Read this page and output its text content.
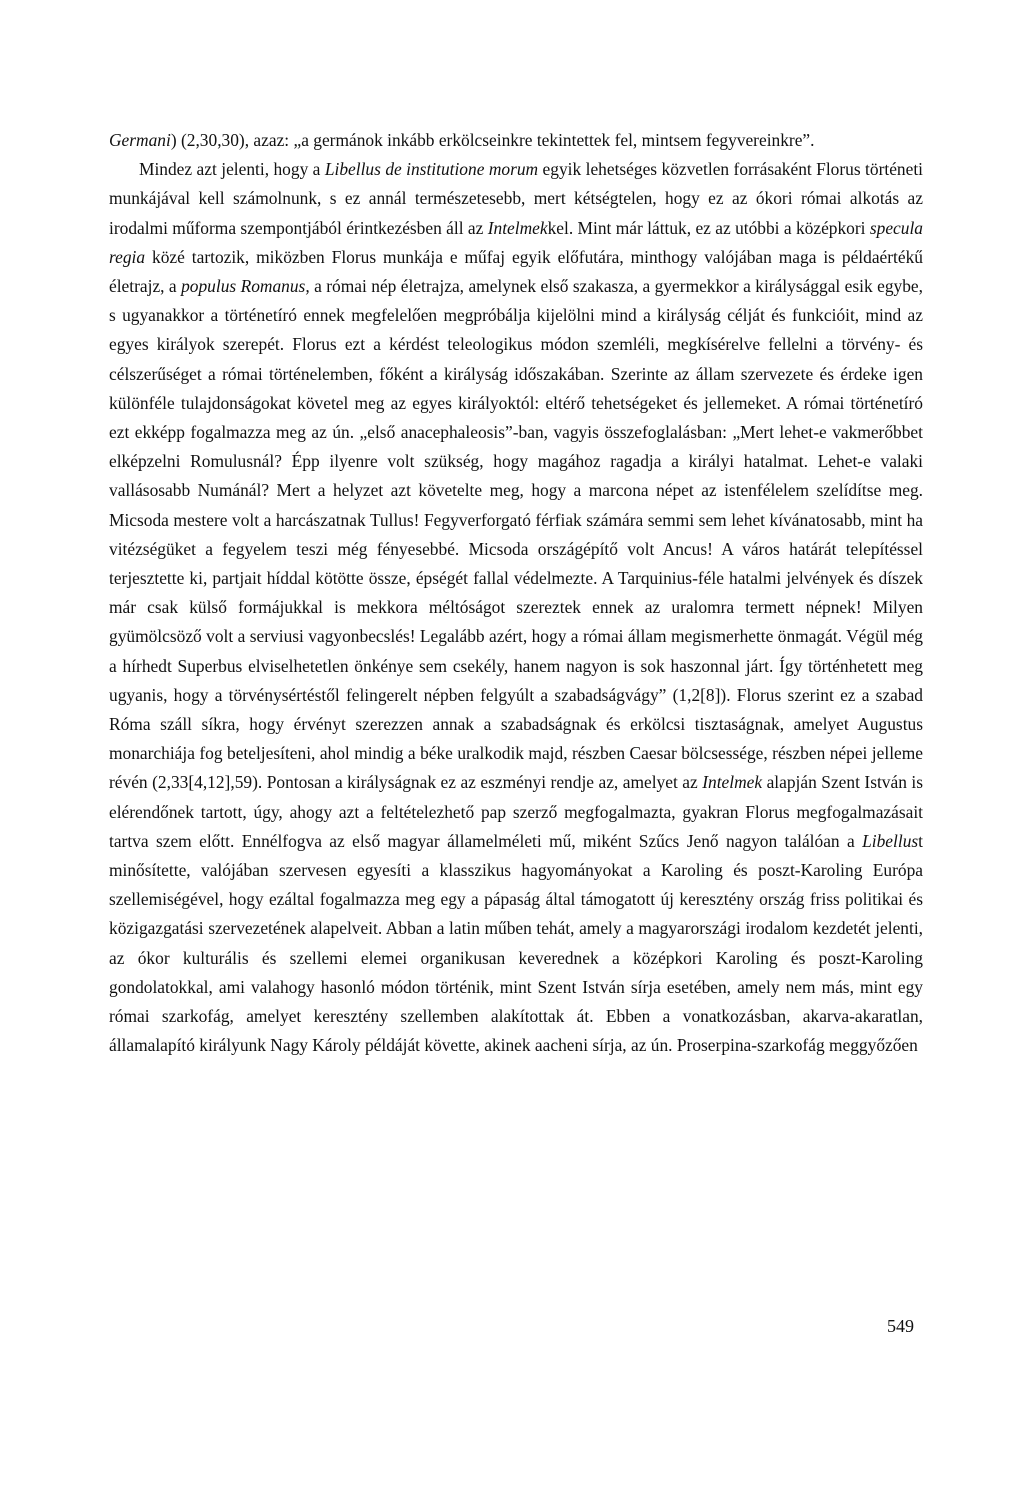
Germani) (2,30,30), azaz: „a germánok inkább erkölcseinkre tekintettek fel, mintsem fegyvereinkre”.

Mindez azt jelenti, hogy a Libellus de institutione morum egyik lehetséges közvetlen forrásaként Florus történeti munkájával kell számolnunk, s ez annál természetesebb, mert kétségtelen, hogy ez az ókori római alkotás az irodalmi műforma szempontjából érintkezésben áll az Intelmekkel. Mint már láttuk, ez az utóbbi a középkori specula regia közé tartozik, miközben Florus munkája e műfaj egyik előfutára, minthogy valójában maga is példaértékű életrajz, a populus Romanus, a római nép életrajza, amelynek első szakasza, a gyermekkor a királysággal esik egybe, s ugyanakkor a történetíró ennek megfelelően megpróbálja kijelölni mind a királyság célját és funkcióit, mind az egyes királyok szerepét. Florus ezt a kérdést teleologikus módon szemléli, megkísérelve fellelni a törvény- és célszerűséget a római történelemben, főként a királyság időszakában. Szerinte az állam szervezete és érdeke igen különféle tulajdonságokat követel meg az egyes királyoktól: eltérő tehetségeket és jellemeket. A római történetíró ezt ekképp fogalmazza meg az ún. „első anacephaleosis”-ban, vagyis összefoglalásban: „Mert lehet-e vakmerőbbet elképzelni Romulusnál? Épp ilyenre volt szükség, hogy magához ragadja a királyi hatalmat. Lehet-e valaki vallásosabb Numánál? Mert a helyzet azt követelte meg, hogy a marcona népet az istenfélelem szelídítse meg. Micsoda mestere volt a harcászatnak Tullus! Fegyverforgató férfiak számára semmi sem lehet kívánatosabb, mint ha vitézségüket a fegyelem teszi még fényesebbé. Micsoda országépítő volt Ancus! A város határát telepítéssel terjesztette ki, partjait híddal kötötte össze, épségét fallal védelmezte. A Tarquinius-féle hatalmi jelvények és díszek már csak külső formájukkal is mekkora méltóságot szereztek ennek az uralomra termett népnek! Milyen gyümölcsöző volt a serviusi vagyonbecslés! Legalább azért, hogy a római állam megismerhette önmagát. Végül még a hírhedt Superbus elviselhetetlen önkénye sem csekély, hanem nagyon is sok haszonnal járt. Így történhetett meg ugyanis, hogy a törvénysértéstől felingerelt népben felgyúlt a szabadságvágy” (1,2[8]). Florus szerint ez a szabad Róma száll síkra, hogy érvényt szerezzen annak a szabadságnak és erkölcsi tisztaságnak, amelyet Augustus monarchiája fog beteljesíteni, ahol mindig a béke uralkodik majd, részben Caesar bölcsessége, részben népei jelleme révén (2,33[4,12],59). Pontosan a királyságnak ez az eszményi rendje az, amelyet az Intelmek alapján Szent István is elérendőnek tartott, úgy, ahogy azt a feltételezhető pap szerző megfogalmazta, gyakran Florus megfogalmazásait tartva szem előtt. Ennélfogva az első magyar államelméleti mű, miként Szűcs Jenő nagyon találóan a Libellust minősítette, valójában szervesen egyesíti a klasszikus hagyományokat a Karoling és poszt-Karoling Európa szellemiségével, hogy ezáltal fogalmazza meg egy a pápaság által támogatott új keresztény ország friss politikai és közigazgatási szervezetének alapelveit. Abban a latin műben tehát, amely a magyarországi irodalom kezdetét jelenti, az ókor kulturális és szellemi elemei organikusan keverednek a középkori Karoling és poszt-Karoling gondolatokkal, ami valahogy hasonló módon történik, mint Szent István sírja esetében, amely nem más, mint egy római szarkofág, amelyet keresztény szellemben alakítottak át. Ebben a vonatkozásban, akarva-akaratlan, államalapító királyunk Nagy Károly példáját követte, akinek aacheni sírja, az ún. Proserpina-szarkofág meggyőzően

549
